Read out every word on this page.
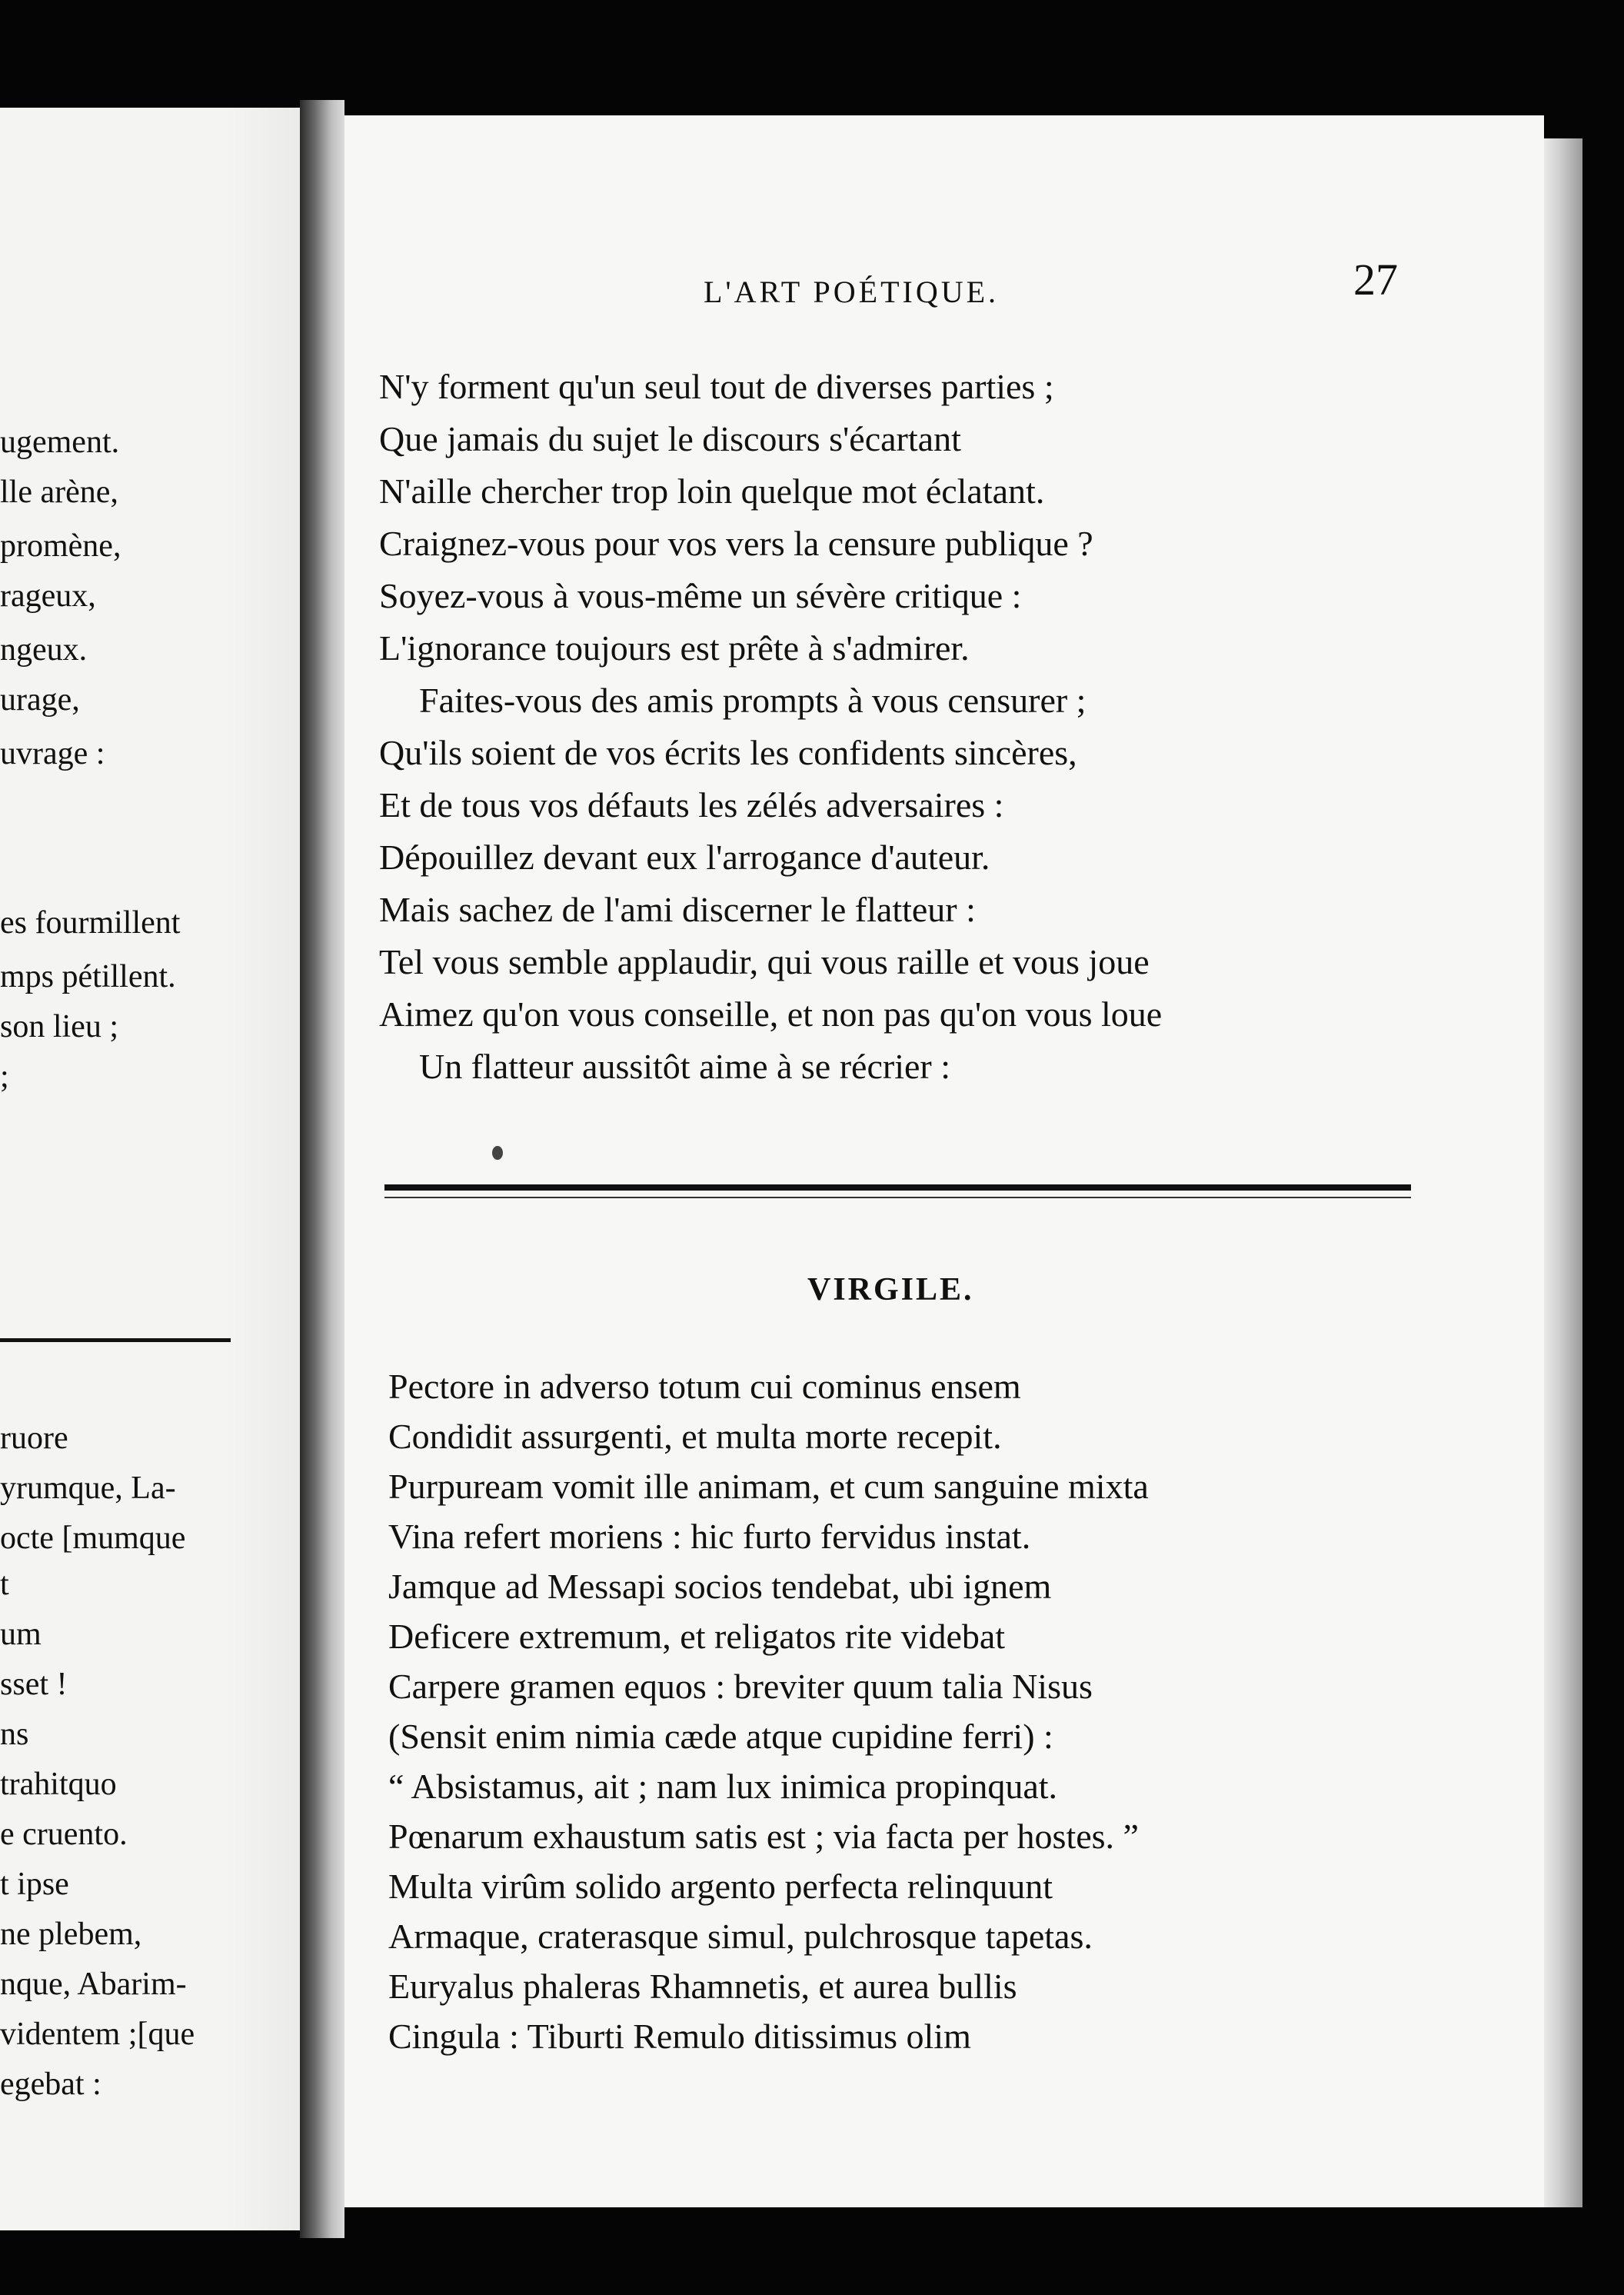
L'ART POÉTIQUE.	27
N'y forment qu'un seul tout de diverses parties ;
Que jamais du sujet le discours s'écartant
N'aille chercher trop loin quelque mot éclatant.
Craignez-vous pour vos vers la censure publique ?
Soyez-vous à vous-même un sévère critique :
L'ignorance toujours est prête à s'admirer.
Faites-vous des amis prompts à vous censurer ;
Qu'ils soient de vos écrits les confidents sincères,
Et de tous vos défauts les zélés adversaires :
Dépouillez devant eux l'arrogance d'auteur.
Mais sachez de l'ami discerner le flatteur :
Tel vous semble applaudir, qui vous raille et vous joue
Aimez qu'on vous conseille, et non pas qu'on vous loue
Un flatteur aussitôt aime à se récrier :
VIRGILE.
Pectore in adverso totum cui cominus ensem
Condidit assurgenti, et multa morte recepit.
Purpuream vomit ille animam, et cum sanguine mixta
Vina refert moriens : hic furto fervidus instat.
Jamque ad Messapi socios tendebat, ubi ignem
Deficere extremum, et religatos rite videbat
Carpere gramen equos : breviter quum talia Nisus
(Sensit enim nimia cæde atque cupidine ferri) :
“ Absistamus, ait ; nam lux inimica propinquat.
Pœnarum exhaustum satis est ; via facta per hostes. ”
Multa virûm solido argento perfecta relinquunt
Armaque, craterasque simul, pulchrosque tapetas.
Euryalus phaleras Rhamnetis, et aurea bullis
Cingula : Tiburti Remulo ditissimus olim
ugement.
lle arène,
promène,
rageux,
ngeux.
urage,
uvrage :
es fourmillent
mps pétillent.
son lieu ;
;
ruore
yrumque, La-
octe [mumque
t
um
sset !
ns
trahitquo
e cruento.
t ipse
ne plebem,
nque, Abarim-
videntem ;[que
egebat :
